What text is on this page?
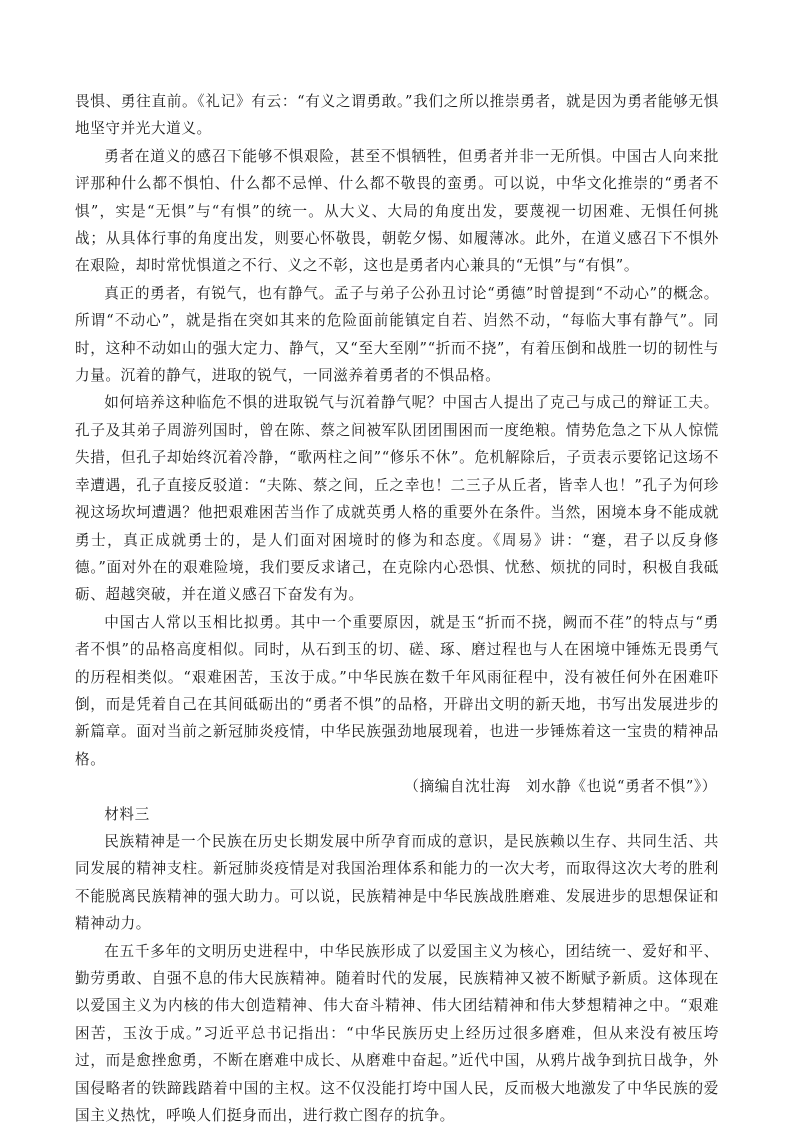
畏惧、勇往直前。《礼记》有云：“有义之谓勇敢。”我们之所以推崇勇者，就是因为勇者能够无惧地坚守并光大道义。

勇者在道义的感召下能够不惧艰险，甚至不惧牺牲，但勇者并非一无所惧。中国古人向来批评那种什么都不惧怕、什么都不忌惮、什么都不敬畏的蛮勇。可以说，中华文化推崇的“勇者不惧”，实是“无惧”与“有惧”的统一。从大义、大局的角度出发，要蔑视一切困难、无惧任何挑战；从具体行事的角度出发，则要心怀敬畏，朝乾夕惕、如履薄冰。此外，在道义感召下不惧外在艰险，却时常忧惧道之不行、义之不彰，这也是勇者内心兼具的“无惧”与“有惧”。

真正的勇者，有锐气，也有静气。孟子与弟子公孙丑讨论“勇德”时曾提到“不动心”的概念。所谓“不动心”，就是指在突如其来的危险面前能镇定自若、岿然不动，“每临大事有静气”。同时，这种不动如山的强大定力、静气，又“至大至刚”“折而不挠”，有着压倒和战胜一切的韧性与力量。沉着的静气，进取的锐气，一同滋养着勇者的不惧品格。

如何培养这种临危不惧的进取锐气与沉着静气呢？中国古人提出了克己与成己的辩证工夫。孔子及其弟子周游列国时，曾在陈、蔡之间被军队团团围困而一度绝粮。情势危急之下从人惊慌失措，但孔子却始终沉着冷静，“歌两柱之间”“修乐不休”。危机解除后，子贡表示要铭记这场不幸遭遇，孔子直接反驳道：“夫陈、蔡之间，丘之幸也！二三子从丘者，皆幸人也！”孔子为何珍视这场坎坷遭遇？他把艰难困苦当作了成就英勇人格的重要外在条件。当然，困境本身不能成就勇士，真正成就勇士的，是人们面对困境时的修为和态度。《周易》讲：“蹇，君子以反身修德。”面对外在的艰难险境，我们要反求诸己，在克除内心恐惧、忧愁、烦扰的同时，积极自我砥砺、超越突破，并在道义感召下奋发有为。

中国古人常以玉相比拟勇。其中一个重要原因，就是玉“折而不挠，阙而不荏”的特点与“勇者不惧”的品格高度相似。同时，从石到玉的切、磋、琢、磨过程也与人在困境中锤炼无畏勇气的历程相类似。“艰难困苦，玉汝于成。”中华民族在数千年风雨征程中，没有被任何外在困难吓倒，而是凭着自己在其间砥砺出的“勇者不惧”的品格，开辟出文明的新天地，书写出发展进步的新篇章。面对当前之新冠肺炎疫情，中华民族强劲地展现着，也进一步锤炼着这一宝贵的精神品格。

（摘编自沈壮海　刘水静《也说“勇者不惧”》）

材料三

民族精神是一个民族在历史长期发展中所孕育而成的意识，是民族赖以生存、共同生活、共同发展的精神支柱。新冠肺炎疫情是对我国治理体系和能力的一次大考，而取得这次大考的胜利不能脱离民族精神的强大助力。可以说，民族精神是中华民族战胜磨难、发展进步的思想保证和精神动力。

在五千多年的文明历史进程中，中华民族形成了以爱国主义为核心，团结统一、爱好和平、勤劳勇敢、自强不息的伟大民族精神。随着时代的发展，民族精神又被不断赋予新质。这体现在以爱国主义为内核的伟大创造精神、伟大奋斗精神、伟大团结精神和伟大梦想精神之中。“艰难困苦，玉汝于成。”习近平总书记指出：“中华民族历史上经历过很多磨难，但从来没有被压垮过，而是愈挫愈勇，不断在磨难中成长、从磨难中奋起。”近代中国，从鸦片战争到抗日战争，外国侵略者的铁蹄践踏着中国的主权。这不仅没能打垮中国人民，反而极大地激发了中华民族的爱国主义热忱，呼唤人们挺身而出，进行救亡图存的抗争。
